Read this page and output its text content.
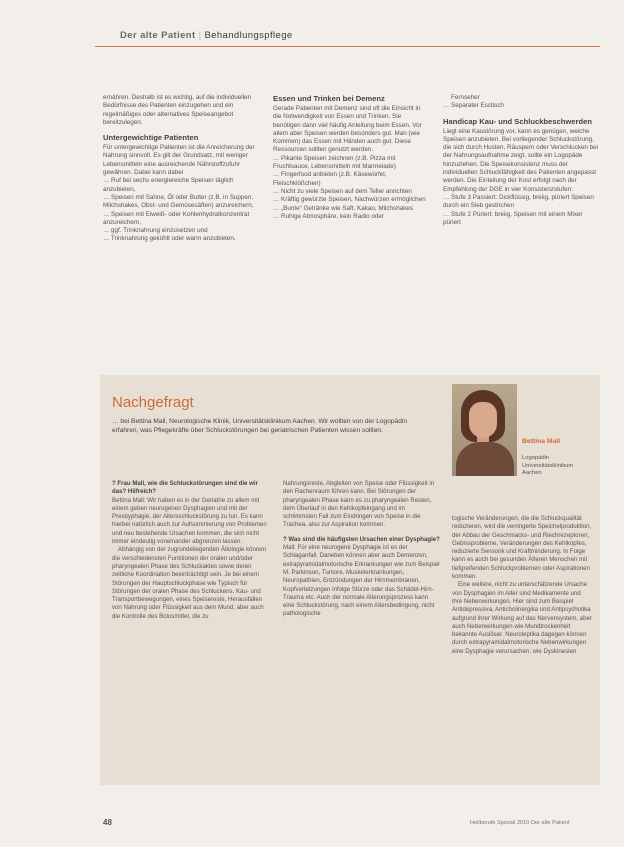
Der alte Patient | Behandlungspflege

ernähren. Deshalb ist es wichtig, auf die individuellen Bedürfnisse des Patienten einzugehen und ein regelmäßiges oder alternatives Speiseangebot bereitzulegen.

Untergewichtige Patienten

Für untergewichtige Patienten ist die Anreicherung der Nahrung sinnvoll. Es gilt der Grundsatz, mit weniger Lebensmitteln eine ausreichende Nährstoffzufuhr gewähren. Dabei kann dabei

… Ruf bei sechs energiereiche Speisen täglich anzubieten,
… Speisen mit Sahne, Öl oder Butter (z.B. in Suppen, Milchshakes, Obst- und Gemüsesäften) anzureichern,
… Speisen mit Eiweiß- oder Kohlenhydratkonzentrat anzureichern,
… ggf. Trinknahrung einzusetzen und
… Trinknahrung gekühlt oder warm anzubieten.
Essen und Trinken bei Demenz

Gerade Patienten mit Demenz sind oft die Einsicht in die Notwendigkeit von Essen und Trinken. Sie benötigen dann viel häufig Anleitung beim Essen. Vor allem aber Speisen werden besonders gut. Man (wie Kommen) das Essen mit Händen auch gut. Diese Ressourcen sollten genutzt werden.

… Pikante Speisen zeichnen (z.B. Pizza mit Fruchtsauce, Lebensmitteln mit Marmelade)
… Fingerfood anbieten (z.B. Käsewürfel, Fleischklößchen)
… Nicht zu viele Speisen auf dem Teller anrichten
… Kräftig gewürzte Speisen, Nachwürzen ermöglichen
… „Bunte“ Getränke wie Saft, Kakao, Milchshakes
… Ruhige Atmosphäre, kein Radio oder
Fernseher
… Separater Esstisch
Handicap Kau- und Schluckbeschwerden

Liegt eine Kaustörung vor, kann es genügen, weiche Speisen anzubieten. Bei vorliegender Schluckstörung, die sich durch Husten, Räuspern oder Verschlucken bei der Nahrungsaufnahme zeigt, sollte ein Logopäde hinzuziehen. Die Speisekonsistenz muss der individuellen Schluckfähigkeit des Patienten angepasst werden. Die Einteilung der Kost erfolgt nach der Empfehlung der DGE in vier Konsistenzstufen:

… Stufe 3 Passiert: Dickflüssig, breiig, püriert Speisen durch ein Sieb gestrichen
… Stufe 2 Püriert: breiig, Speisen mit einem Mixer püriert
Nachgefragt
… bei Bettina Mall, Neurologische Klinik, Universitätsklinikum Aachen. Wir wollten von der Logopädin erfahren, was Pflegekräfte über Schluckstörungen bei geriatrischen Patienten wissen sollten.
Bettina Mall
Logopädin Universitätsklinikum Aachen

? Frau Mall, wie die Schluckstörungen sind die wir das? Hilfreich?

Bettina Mall: Wir haben es in der Geriatrie zu allem mit einem geben neurogenen Dysphagien und mit der Presbyphagie, der Altersschluckstörung zu tun. Es kann hierbei natürlich auch zur Aufsummierung von Problemen und neu bestehende Ursachen kommen, die sich nicht immer eindeutig voneinander abgrenzen lassen.

Abhängig von der zugrundeliegenden Ätiologie können die verschiedensten Funktionen der oralen und/oder pharyngealen Phase des Schluckaktes sowie deren zeitliche Koordination beeinträchtigt sein. Je bei einem Störungen der Hauptschluckphase wie Typisch für Störungen der oralen Phase des Schluckens, Kau- und Transportbewegungen, eines Speisereste, Herausfallen von Nahrung oder Flüssigkeit aus dem Mund, aber auch die Kontrolle des Bolusmittel, die zu

Nahrungsreste, Abgleiten von Speise oder Flüssigkeit in den Rachenraum führen kann. Bei Störungen der pharyngealen Phase kann es zu pharyngealen Resten, dem Überlauf in den Kehlkopfeingang und im schlimmsten Fall zum Eindringen von Speise in die Trachea, also zur Aspiration kommen.

? Was sind die häufigsten Ursachen einer Dysphagie?

Mall: Für eine neurogene Dysphagie ist es der Schlaganfall. Daneben können aber auch Demenzen, extrapyramidalmotorische Erkrankungen wie zum Beispiel M. Parkinson, Tumore, Muskelerkrankungen, Neuropathien, Entzündungen der Hirnmembranen, Kopfverletzungen infolge Stürze oder das Schädel-Hirn-Trauma etc. Auch der normale Alterungsprozess kann eine Schluckstörung, nach einem Altersbedingung, nicht pathologische

logische Veränderungen, die die Schluckqualität reduzieren, wird die verringerte Speichelproduktion, der Abbau der Geschmacks- und Riechrezeptoren, Gebissprobleme, Veränderungen des Kehlkopfes, reduzierte Sensorik und Kraftminderung. In Folge kann es auch bei gesunden Älteren Menschen mit tiefgreifenden Schluckproblemen oder Aspirationen kommen.

Eine weitere, nicht zu unterschätzende Ursache von Dysphagien im Alter sind Medikamente und ihre Nebenwirkungen. Hier sind zum Beispiel Antidepressiva, Anticholinergika und Antipsychotika aufgrund ihrer Wirkung auf das Nervensystem, aber auch Nebenwirkungen wie Mundtrockenheit bekannte Auslöser. Neuroleptika dagegen können durch extrapyramidalmotorische Nebenwirkungen eine Dysphagie verursachen, wie Dyskinesien

48	Heilberufe Spezial 2010 Der alte Patient
